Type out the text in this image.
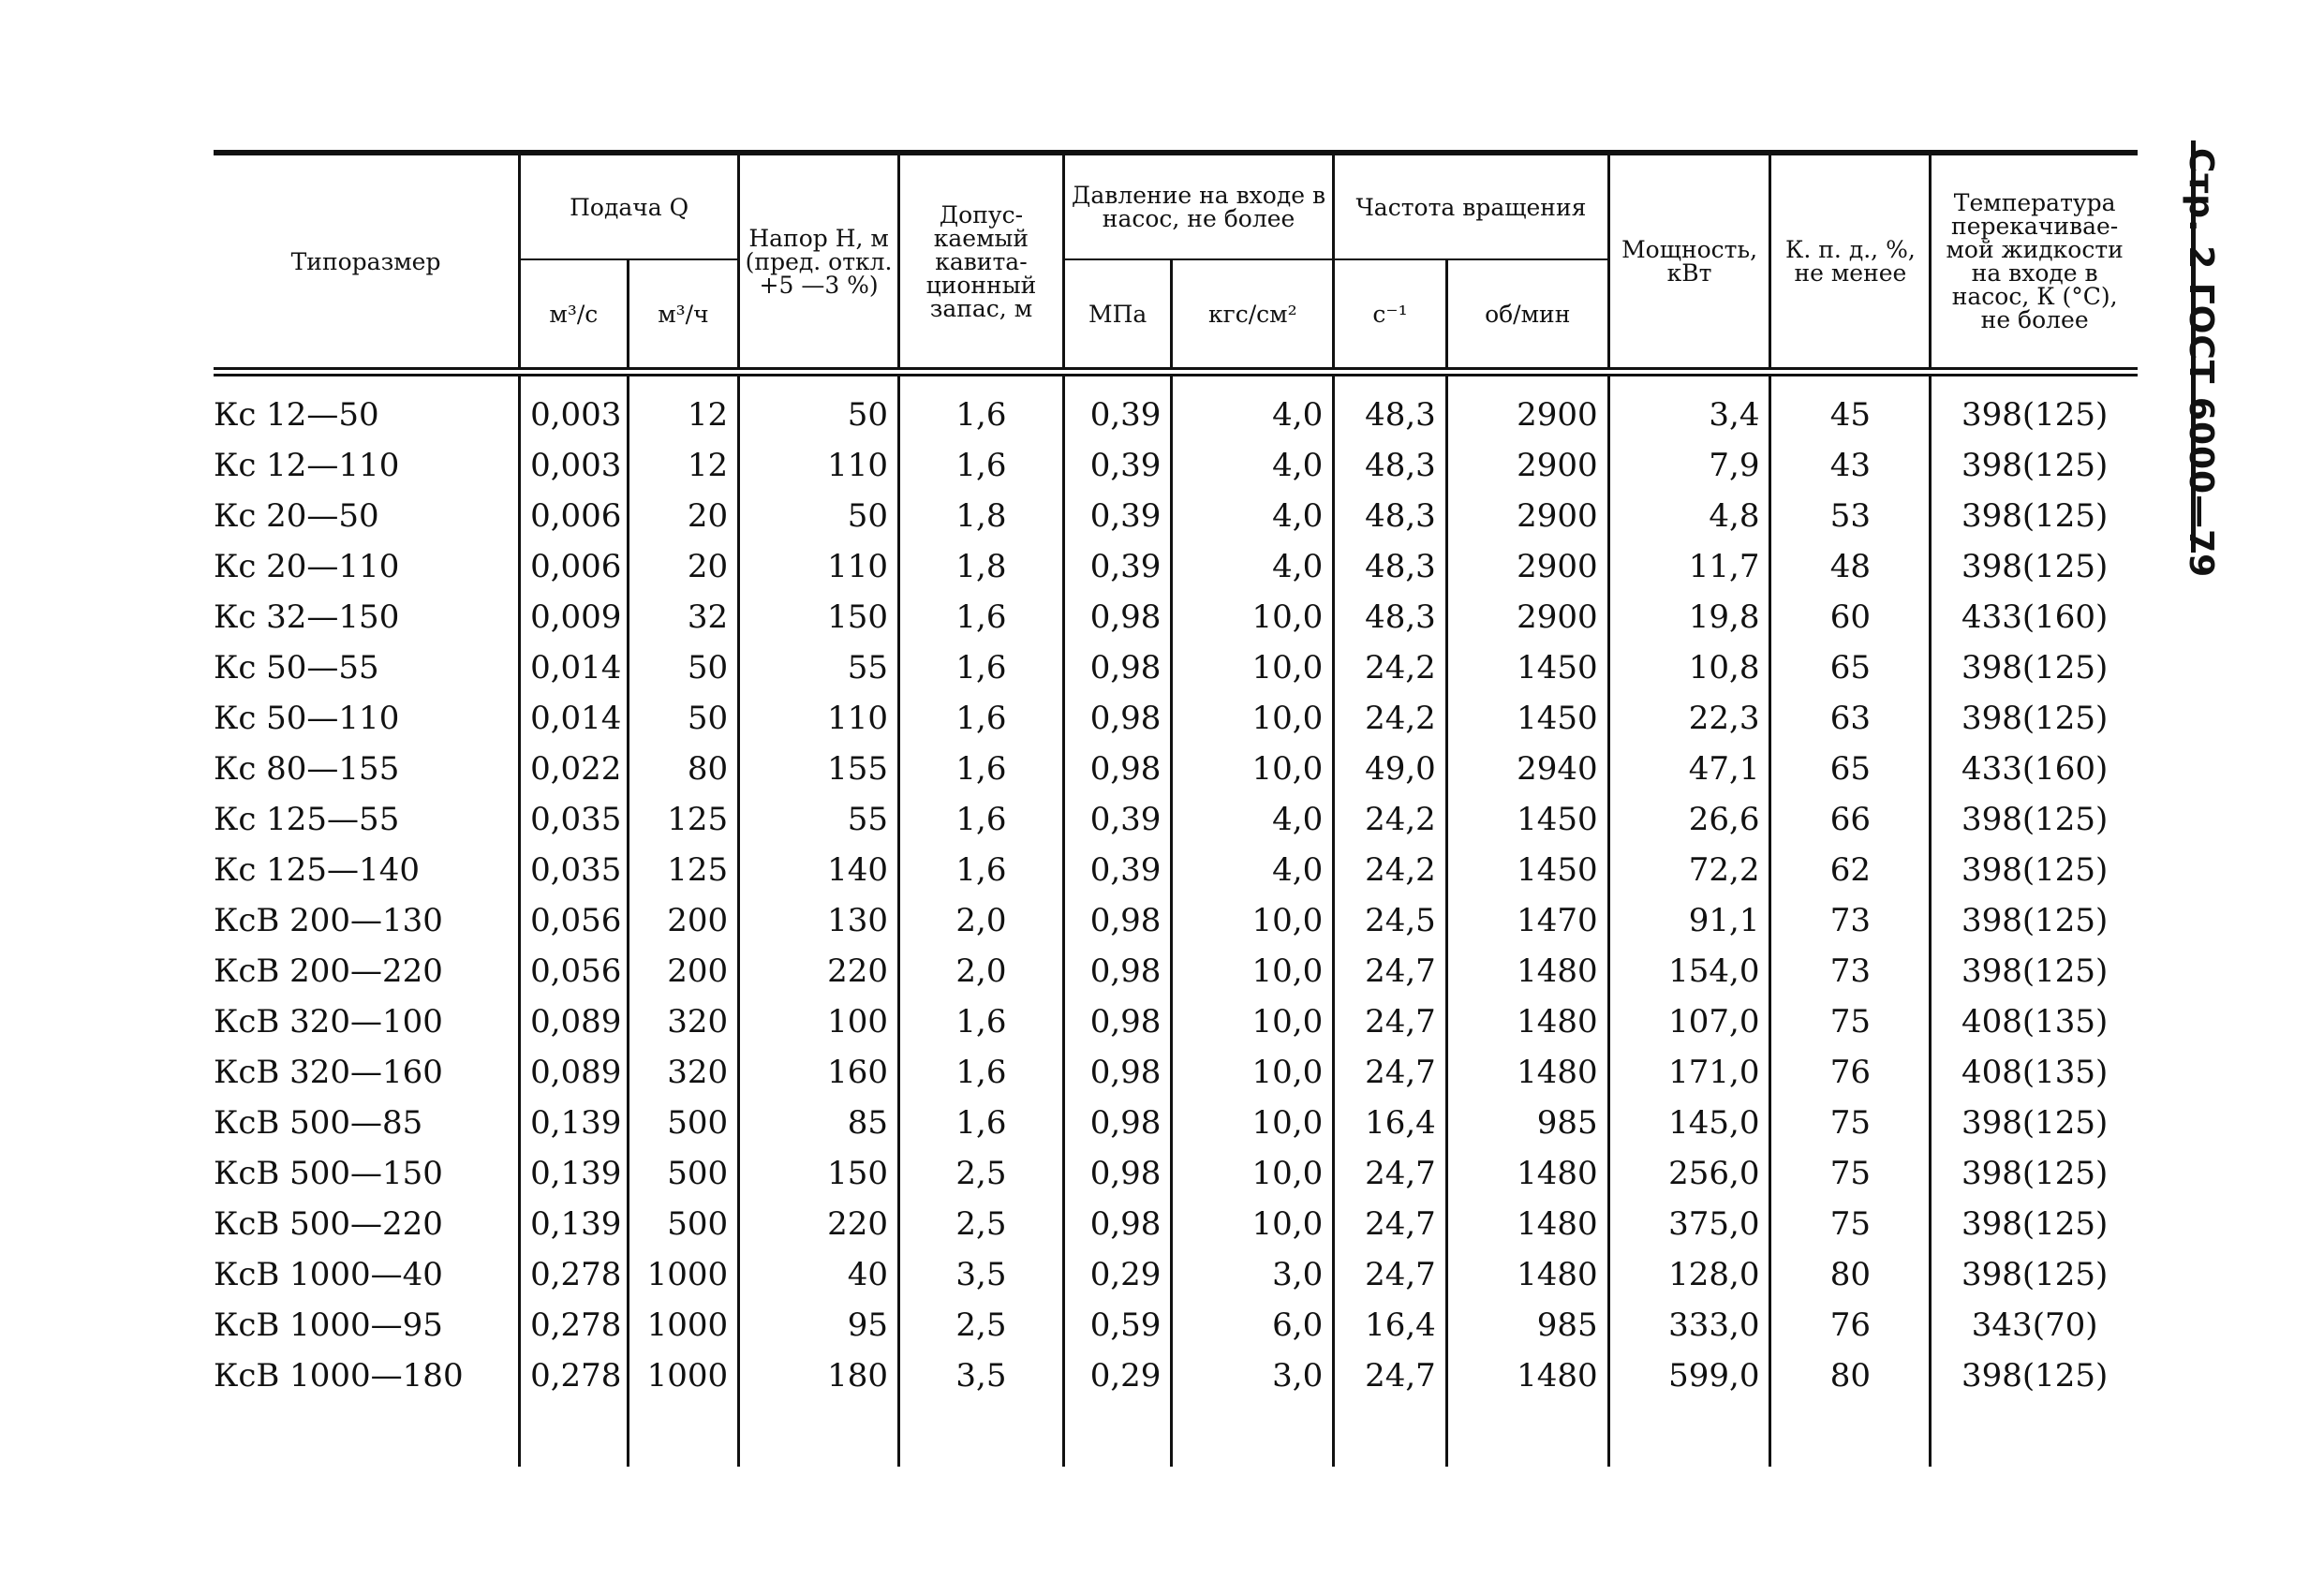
Стр. 2 ГОСТ 6000—79
Типоразмер	Подача Q		Напор H, м (пред. откл. +5 —3 %)	Допус- каемый кавита- ционный запас, м	Давление на входе в насос, не более		Частота вращения		Мощность, кВт	К. п. д., %, не менее	Температура перекачивае- мой жидкости на входе в насос, К (°С), не более
	м³/с	м³/ч			МПа	кгс/см²	с⁻¹	об/мин			

Кс 12—50	0,003	12	50	1,6	0,39	4,0	48,3	2900	3,4	45	398(125)
Кс 12—110	0,003	12	110	1,6	0,39	4,0	48,3	2900	7,9	43	398(125)
Кс 20—50	0,006	20	50	1,8	0,39	4,0	48,3	2900	4,8	53	398(125)
Кс 20—110	0,006	20	110	1,8	0,39	4,0	48,3	2900	11,7	48	398(125)
Кс 32—150	0,009	32	150	1,6	0,98	10,0	48,3	2900	19,8	60	433(160)
Кс 50—55	0,014	50	55	1,6	0,98	10,0	24,2	1450	10,8	65	398(125)
Кс 50—110	0,014	50	110	1,6	0,98	10,0	24,2	1450	22,3	63	398(125)
Кс 80—155	0,022	80	155	1,6	0,98	10,0	49,0	2940	47,1	65	433(160)
Кс 125—55	0,035	125	55	1,6	0,39	4,0	24,2	1450	26,6	66	398(125)
Кс 125—140	0,035	125	140	1,6	0,39	4,0	24,2	1450	72,2	62	398(125)
КсВ 200—130	0,056	200	130	2,0	0,98	10,0	24,5	1470	91,1	73	398(125)
КсВ 200—220	0,056	200	220	2,0	0,98	10,0	24,7	1480	154,0	73	398(125)
КсВ 320—100	0,089	320	100	1,6	0,98	10,0	24,7	1480	107,0	75	408(135)
КсВ 320—160	0,089	320	160	1,6	0,98	10,0	24,7	1480	171,0	76	408(135)
КсВ 500—85	0,139	500	85	1,6	0,98	10,0	16,4	985	145,0	75	398(125)
КсВ 500—150	0,139	500	150	2,5	0,98	10,0	24,7	1480	256,0	75	398(125)
КсВ 500—220	0,139	500	220	2,5	0,98	10,0	24,7	1480	375,0	75	398(125)
КсВ 1000—40	0,278	1000	40	3,5	0,29	3,0	24,7	1480	128,0	80	398(125)
КсВ 1000—95	0,278	1000	95	2,5	0,59	6,0	16,4	985	333,0	76	343(70)
КсВ 1000—180	0,278	1000	180	3,5	0,29	3,0	24,7	1480	599,0	80	398(125)
